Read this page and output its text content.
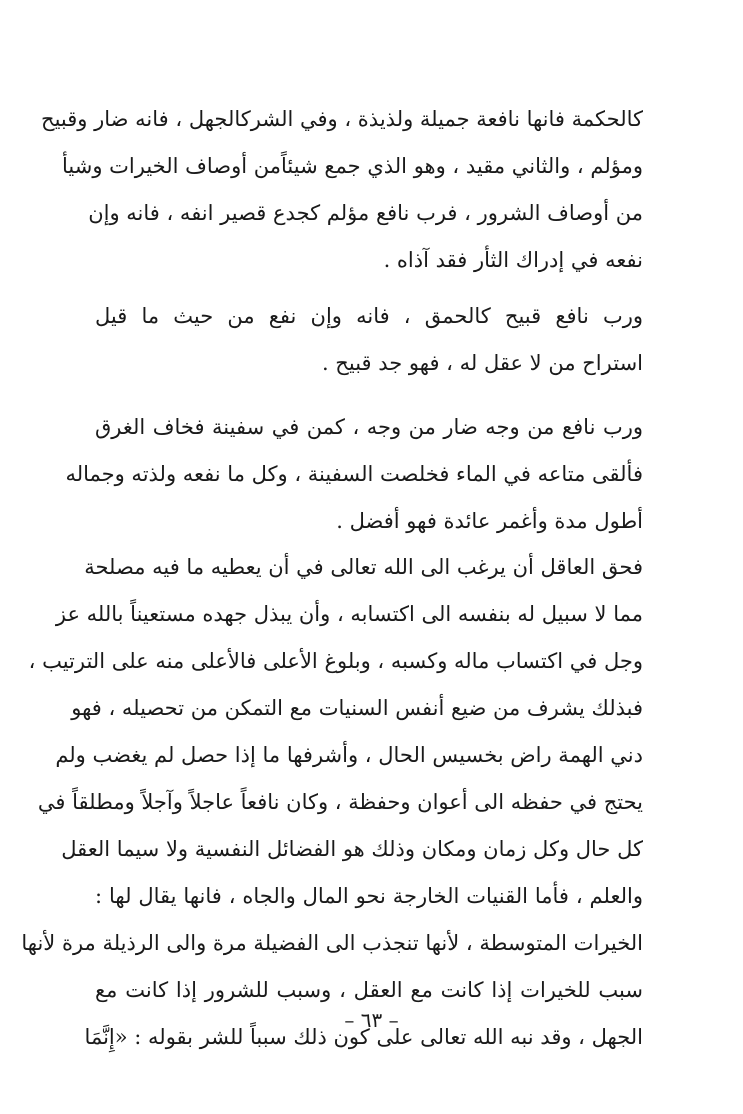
كالحكمة فانها نافعة جميلة ولذيذة ، وفي الشركالجهل ، فانه ضار وقبيح
ومؤلم ، والثاني مقيد ، وهو الذي جمع شيئاًمن أوصاف الخيرات وشيأ
من أوصاف الشرور ، فرب نافع مؤلم كجدع قصير انفه ، فانه وإن
نفعه في إدراك الثأر فقد آذاه .
ورب نافع قبيح كالحمق ، فانه وإن نفع من حيث ما قيل
استراح من لا عقل له ، فهو جد قبيح .
ورب نافع من وجه ضار من وجه ، كمن في سفينة فخاف الغرق
فألقى متاعه في الماء فخلصت السفينة ، وكل ما نفعه ولذته وجماله
أطول مدة وأغمر عائدة فهو أفضل .
فحق العاقل أن يرغب الى الله تعالى في أن يعطيه ما فيه مصلحة
مما لا سبيل له بنفسه الى اكتسابه ، وأن يبذل جهده مستعيناً بالله عز
وجل في اكتساب ماله وكسبه ، وبلوغ الأعلى فالأعلى منه على الترتيب ،
فبذلك يشرف من ضيع أنفس السنيات مع التمكن من تحصيله ، فهو
دني الهمة راض بخسيس الحال ، وأشرفها ما إذا حصل لم يغضب ولم
يحتج في حفظه الى أعوان وحفظة ، وكان نافعاً عاجلاً وآجلاً ومطلقاً في
كل حال وكل زمان ومكان وذلك هو الفضائل النفسية ولا سيما العقل
والعلم ، فأما القنيات الخارجة نحو المال والجاه ، فانها يقال لها :
الخيرات المتوسطة ، لأنها تنجذب الى الفضيلة مرة والى الرذيلة مرة لأنها
سبب للخيرات إذا كانت مع العقل ، وسبب للشرور إذا كانت مع
الجهل ، وقد نبه الله تعالى على كون ذلك سبباً للشر بقوله : «إِنَّمَا
– ٦٣ –
